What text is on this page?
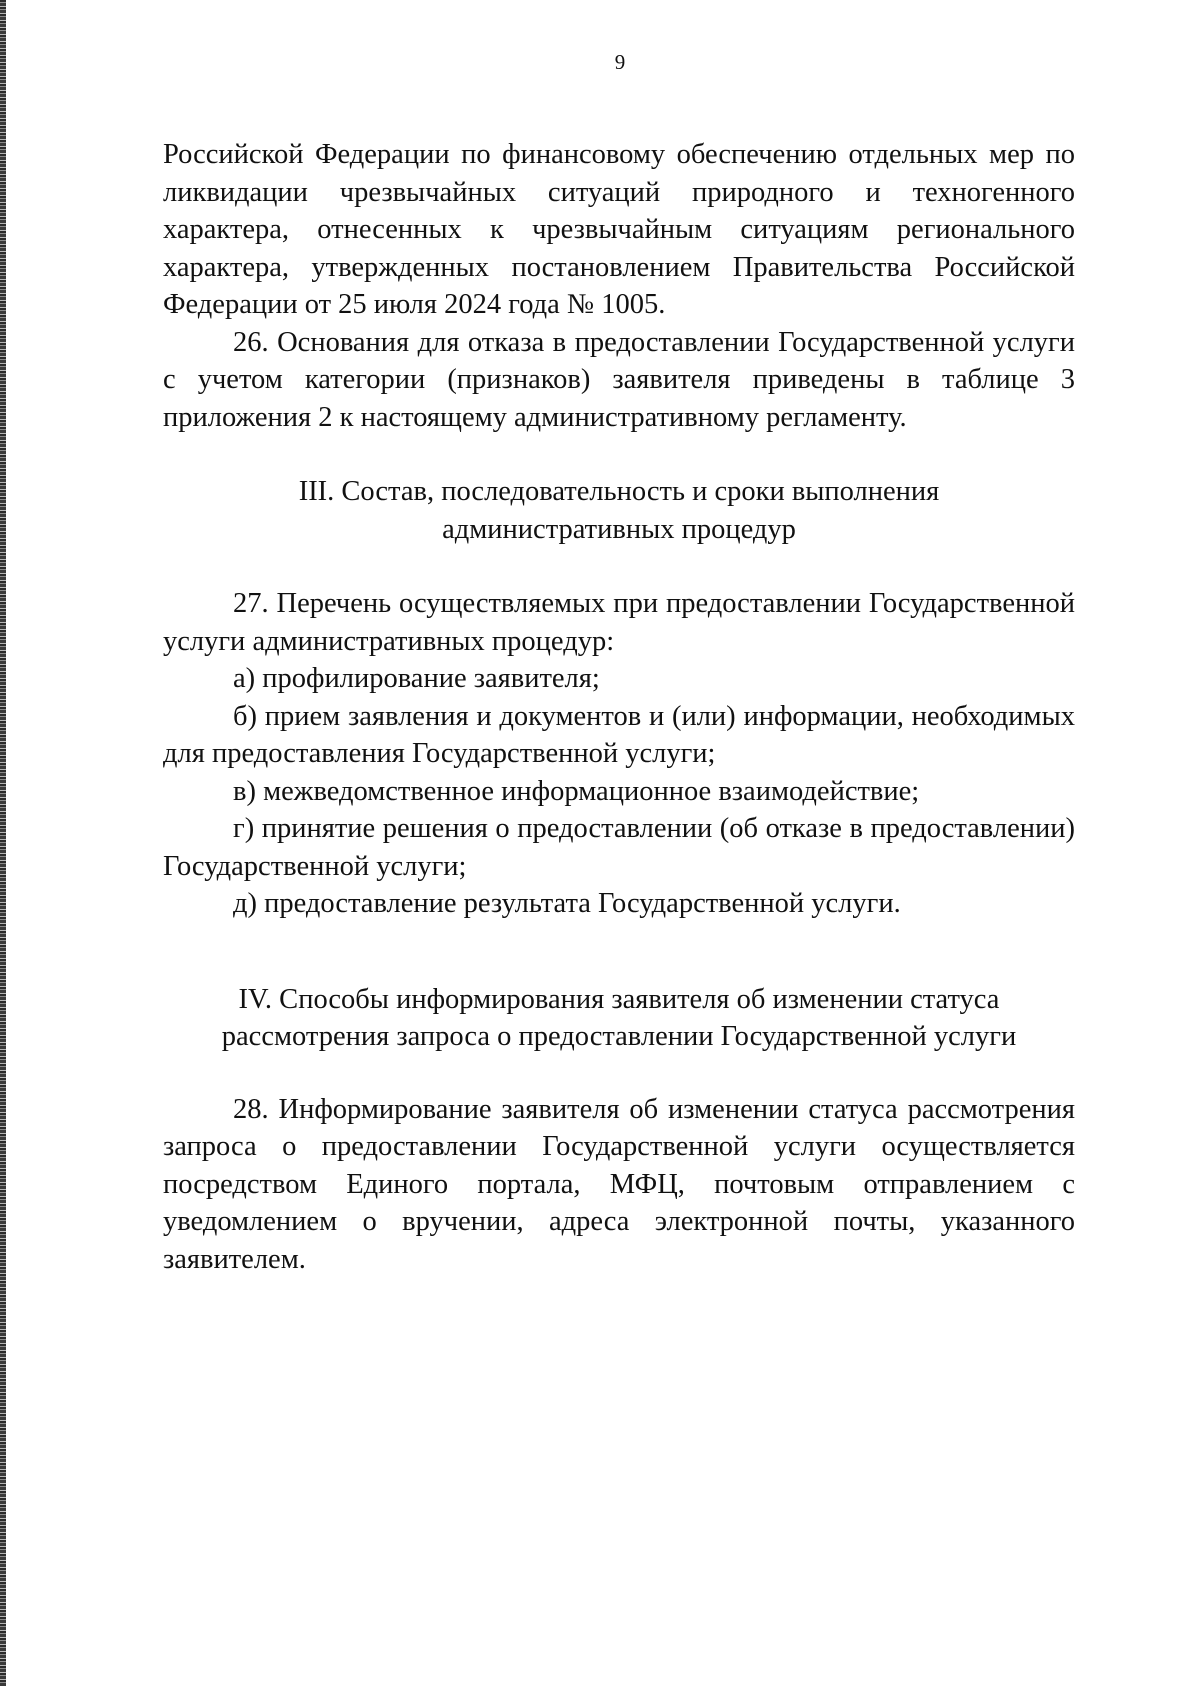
9

Российской Федерации по финансовому обеспечению отдельных мер по ликвидации чрезвычайных ситуаций природного и техногенного характера, отнесенных к чрезвычайным ситуациям регионального характера, утвержденных постановлением Правительства Российской Федерации от 25 июля 2024 года № 1005.

26. Основания для отказа в предоставлении Государственной услуги с учетом категории (признаков) заявителя приведены в таблице 3 приложения 2 к настоящему административному регламенту.

III. Состав, последовательность и сроки выполнения
административных процедур

27. Перечень осуществляемых при предоставлении Государственной услуги административных процедур:

а) профилирование заявителя;

б) прием заявления и документов и (или) информации, необходимых для предоставления Государственной услуги;

в) межведомственное информационное взаимодействие;

г) принятие решения о предоставлении (об отказе в предоставлении) Государственной услуги;

д) предоставление результата Государственной услуги.

IV. Способы информирования заявителя об изменении статуса
рассмотрения запроса о предоставлении Государственной услуги

28. Информирование заявителя об изменении статуса рассмотрения запроса о предоставлении Государственной услуги осуществляется посредством Единого портала, МФЦ, почтовым отправлением с уведомлением о вручении, адреса электронной почты, указанного заявителем.
